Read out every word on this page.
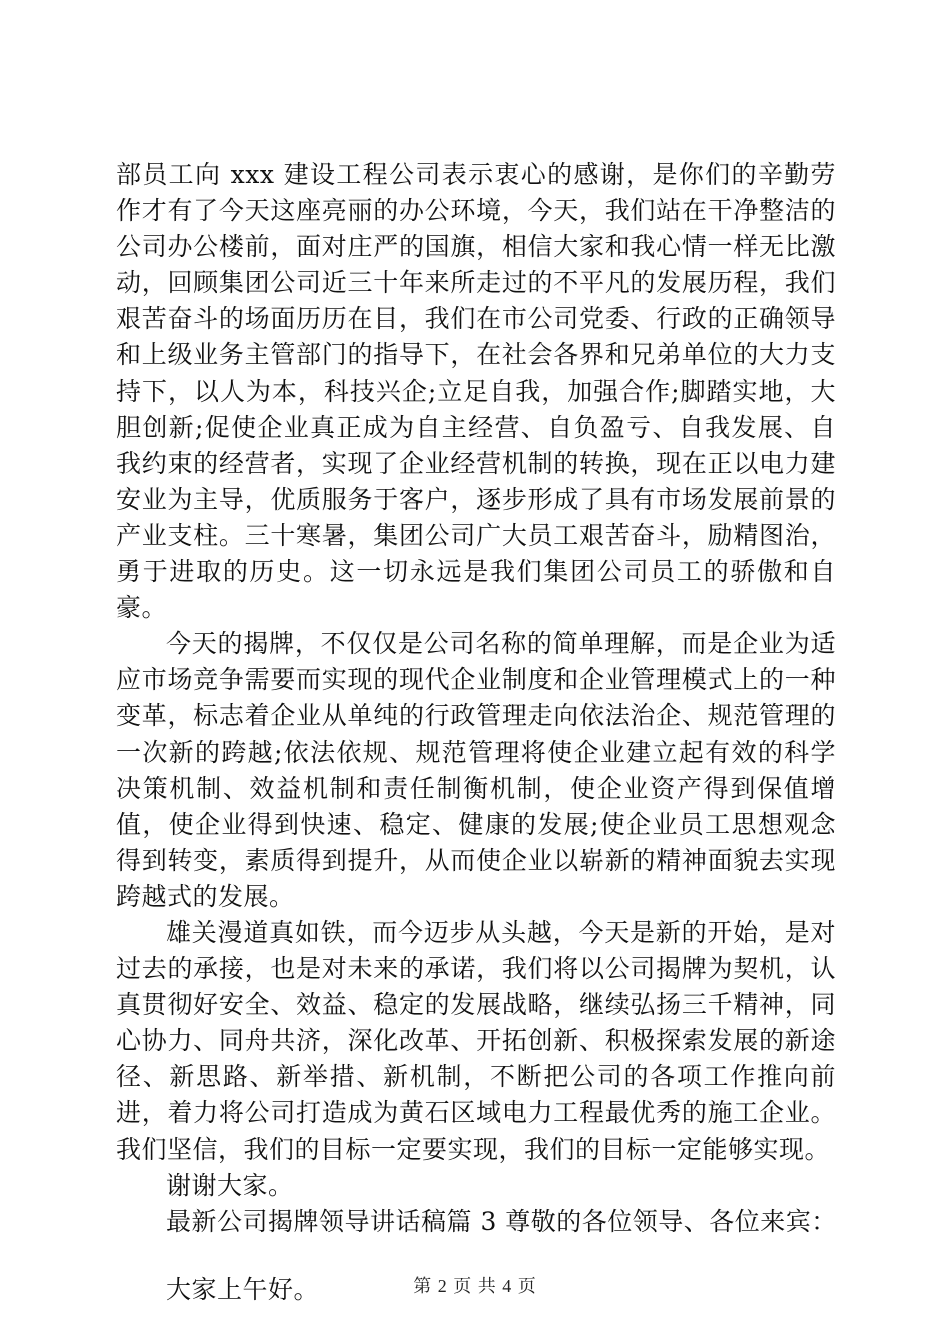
部员工向 xxx 建设工程公司表示衷心的感谢，是你们的辛勤劳作才有了今天这座亮丽的办公环境，今天，我们站在干净整洁的公司办公楼前，面对庄严的国旗，相信大家和我心情一样无比激动，回顾集团公司近三十年来所走过的不平凡的发展历程，我们艰苦奋斗的场面历历在目，我们在市公司党委、行政的正确领导和上级业务主管部门的指导下，在社会各界和兄弟单位的大力支持下，以人为本，科技兴企;立足自我，加强合作;脚踏实地，大胆创新;促使企业真正成为自主经营、自负盈亏、自我发展、自我约束的经营者，实现了企业经营机制的转换，现在正以电力建安业为主导，优质服务于客户，逐步形成了具有市场发展前景的产业支柱。三十寒暑，集团公司广大员工艰苦奋斗，励精图治，勇于进取的历史。这一切永远是我们集团公司员工的骄傲和自豪。

今天的揭牌，不仅仅是公司名称的简单理解，而是企业为适应市场竞争需要而实现的现代企业制度和企业管理模式上的一种变革，标志着企业从单纯的行政管理走向依法治企、规范管理的一次新的跨越;依法依规、规范管理将使企业建立起有效的科学决策机制、效益机制和责任制衡机制，使企业资产得到保值增值，使企业得到快速、稳定、健康的发展;使企业员工思想观念得到转变，素质得到提升，从而使企业以崭新的精神面貌去实现跨越式的发展。

雄关漫道真如铁，而今迈步从头越，今天是新的开始，是对过去的承接，也是对未来的承诺，我们将以公司揭牌为契机，认真贯彻好安全、效益、稳定的发展战略，继续弘扬三千精神，同心协力、同舟共济，深化改革、开拓创新、积极探索发展的新途径、新思路、新举措、新机制，不断把公司的各项工作推向前进，着力将公司打造成为黄石区域电力工程最优秀的施工企业。我们坚信，我们的目标一定要实现，我们的目标一定能够实现。

谢谢大家。

最新公司揭牌领导讲话稿篇 3 尊敬的各位领导、各位来宾：

大家上午好。	第 2 页 共 4 页
